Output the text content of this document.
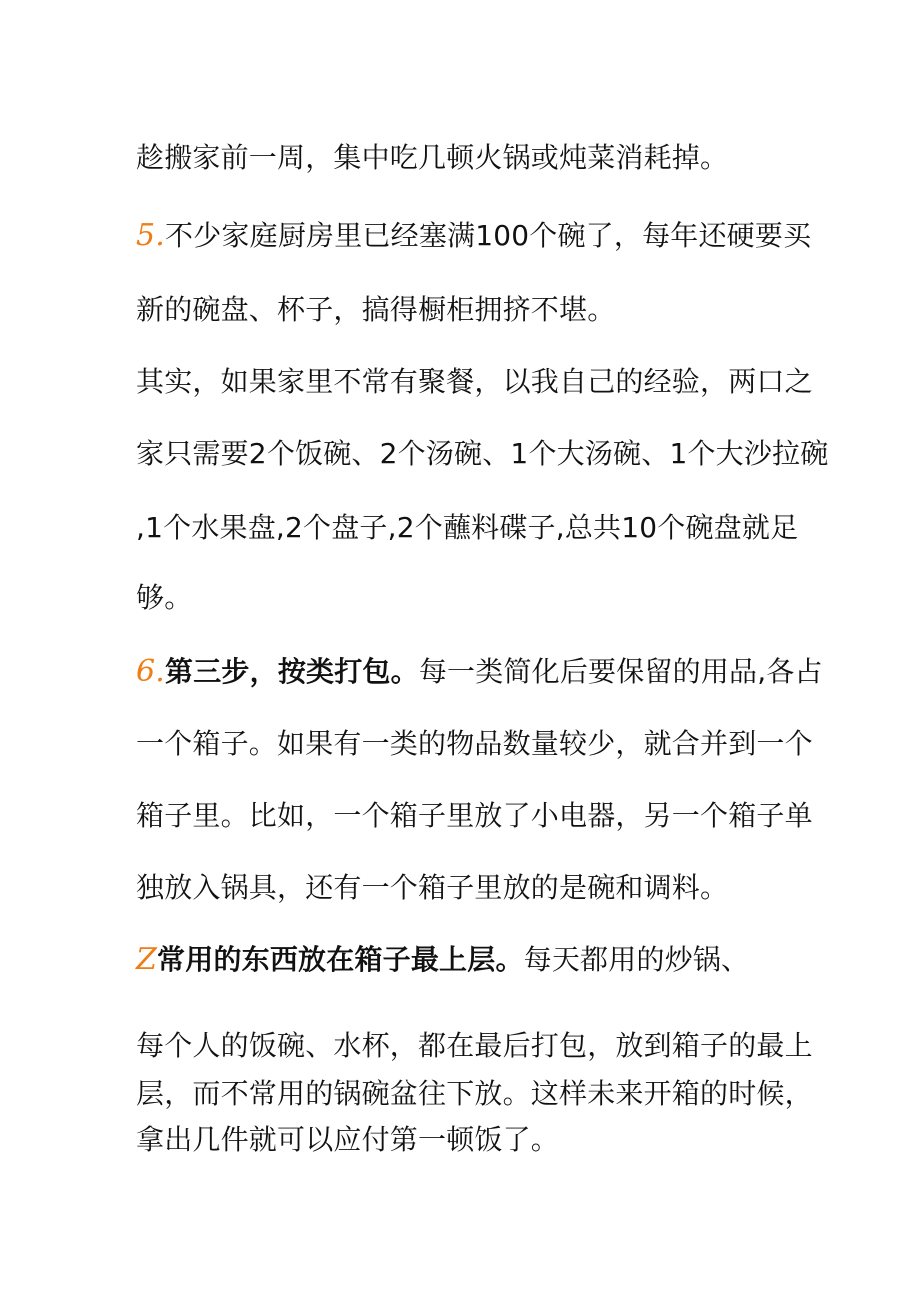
趁搬家前一周，集中吃几顿火锅或炖菜消耗掉。
5.不少家庭厨房里已经塞满100个碗了，每年还硬要买
新的碗盘、杯子，搞得橱柜拥挤不堪。
其实，如果家里不常有聚餐，以我自己的经验，两口之
家只需要2个饭碗、2个汤碗、1个大汤碗、1个大沙拉碗
,1个水果盘,2个盘子,2个蘸料碟子,总共10个碗盘就足
够。
6.第三步，按类打包。每一类简化后要保留的用品,各占
一个箱子。如果有一类的物品数量较少，就合并到一个
箱子里。比如，一个箱子里放了小电器，另一个箱子单
独放入锅具，还有一个箱子里放的是碗和调料。
Z常用的东西放在箱子最上层。每天都用的炒锅、
每个人的饭碗、水杯，都在最后打包，放到箱子的最上
层，而不常用的锅碗盆往下放。这样未来开箱的时候，
拿出几件就可以应付第一顿饭了。
